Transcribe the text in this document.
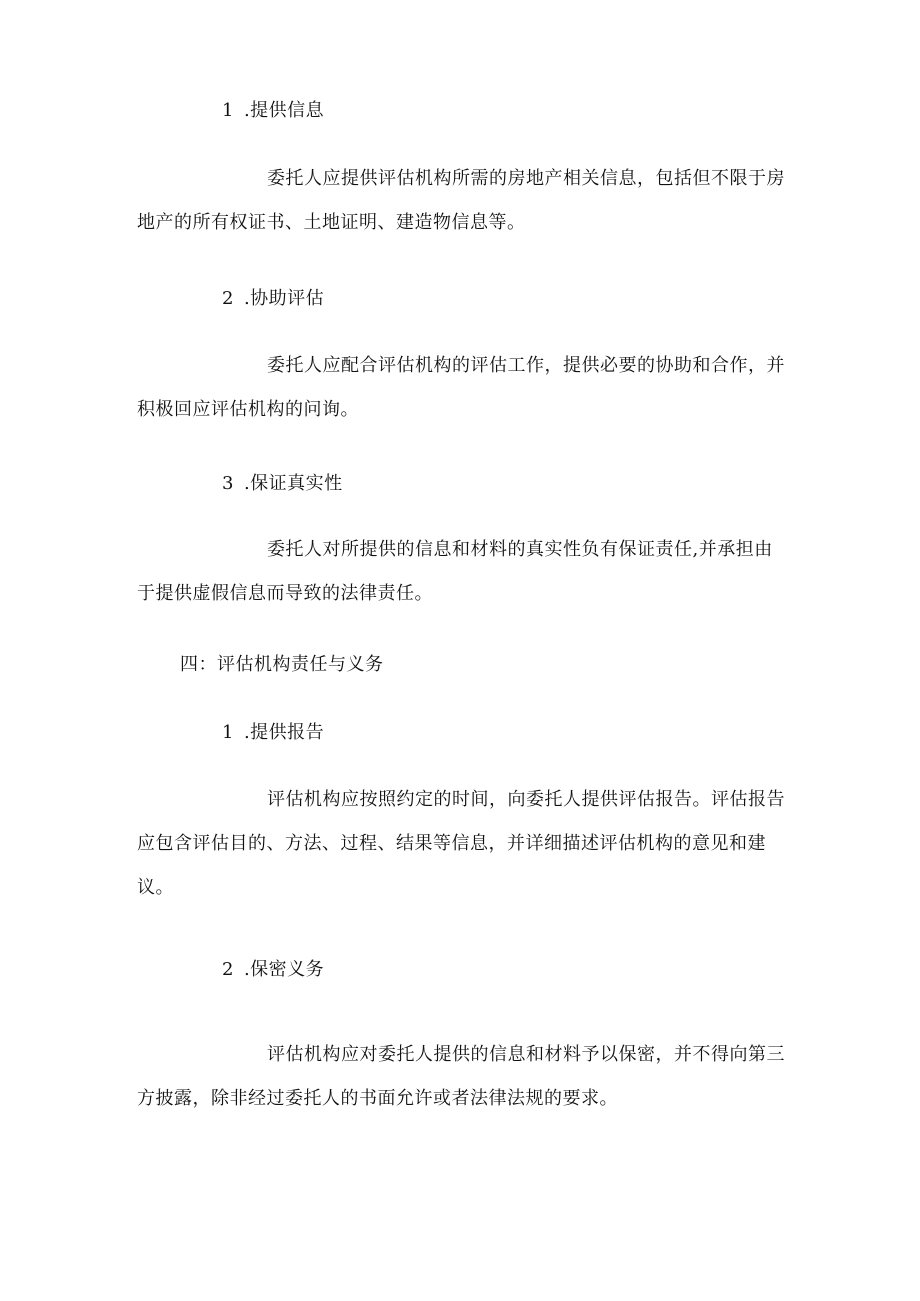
1 .提供信息
委托人应提供评估机构所需的房地产相关信息，包括但不限于房
地产的所有权证书、土地证明、建造物信息等。
2 .协助评估
委托人应配合评估机构的评估工作，提供必要的协助和合作，并
积极回应评估机构的问询。
3 .保证真实性
委托人对所提供的信息和材料的真实性负有保证责任,并承担由
于提供虚假信息而导致的法律责任。
四：评估机构责任与义务
1 .提供报告
评估机构应按照约定的时间，向委托人提供评估报告。评估报告
应包含评估目的、方法、过程、结果等信息，并详细描述评估机构的意见和建
议。
2 .保密义务
评估机构应对委托人提供的信息和材料予以保密，并不得向第三
方披露，除非经过委托人的书面允许或者法律法规的要求。
